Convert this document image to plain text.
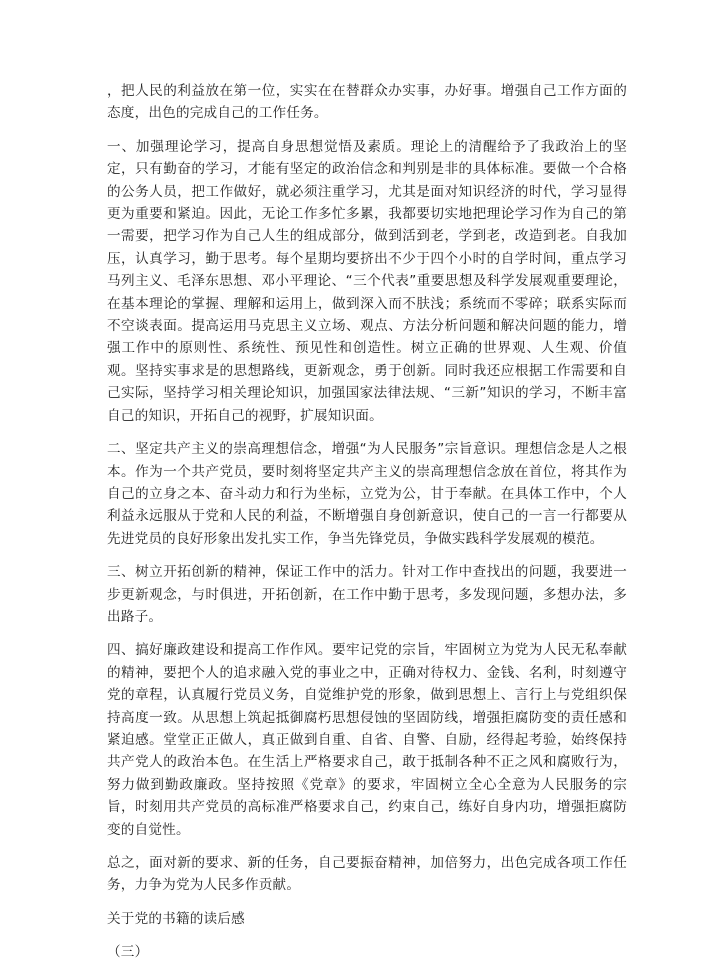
，把人民的利益放在第一位，实实在在替群众办实事，办好事。增强自己工作方面的态度，出色的完成自己的工作任务。

一、加强理论学习，提高自身思想觉悟及素质。理论上的清醒给予了我政治上的坚定，只有勤奋的学习，才能有坚定的政治信念和判别是非的具体标准。要做一个合格的公务人员，把工作做好，就必须注重学习，尤其是面对知识经济的时代，学习显得更为重要和紧迫。因此，无论工作多忙多累，我都要切实地把理论学习作为自己的第一需要，把学习作为自己人生的组成部分，做到活到老，学到老，改造到老。自我加压，认真学习，勤于思考。每个星期均要挤出不少于四个小时的自学时间，重点学习马列主义、毛泽东思想、邓小平理论、“三个代表”重要思想及科学发展观重要理论，在基本理论的掌握、理解和运用上，做到深入而不肤浅；系统而不零碎；联系实际而不空谈表面。提高运用马克思主义立场、观点、方法分析问题和解决问题的能力，增强工作中的原则性、系统性、预见性和创造性。树立正确的世界观、人生观、价值观。坚持实事求是的思想路线，更新观念，勇于创新。同时我还应根据工作需要和自己实际，坚持学习相关理论知识，加强国家法律法规、“三新”知识的学习，不断丰富自己的知识，开拓自己的视野，扩展知识面。

二、坚定共产主义的崇高理想信念，增强“为人民服务”宗旨意识。理想信念是人之根本。作为一个共产党员，要时刻将坚定共产主义的崇高理想信念放在首位，将其作为自己的立身之本、奋斗动力和行为坐标，立党为公，甘于奉献。在具体工作中，个人利益永远服从于党和人民的利益，不断增强自身创新意识，使自己的一言一行都要从先进党员的良好形象出发扎实工作，争当先锋党员，争做实践科学发展观的模范。

三、树立开拓创新的精神，保证工作中的活力。针对工作中查找出的问题，我要进一步更新观念，与时俱进，开拓创新，在工作中勤于思考，多发现问题，多想办法，多出路子。

四、搞好廉政建设和提高工作作风。要牢记党的宗旨，牢固树立为党为人民无私奉献的精神，要把个人的追求融入党的事业之中，正确对待权力、金钱、名利，时刻遵守党的章程，认真履行党员义务，自觉维护党的形象，做到思想上、言行上与党组织保持高度一致。从思想上筑起抵御腐朽思想侵蚀的坚固防线，增强拒腐防变的责任感和紧迫感。堂堂正正做人，真正做到自重、自省、自警、自励，经得起考验，始终保持共产党人的政治本色。在生活上严格要求自己，敢于抵制各种不正之风和腐败行为，努力做到勤政廉政。坚持按照《党章》的要求，牢固树立全心全意为人民服务的宗旨，时刻用共产党员的高标准严格要求自己，约束自己，练好自身内功，增强拒腐防变的自觉性。

总之，面对新的要求、新的任务，自己要振奋精神，加倍努力，出色完成各项工作任务，力争为党为人民多作贡献。

关于党的书籍的读后感

（三）
